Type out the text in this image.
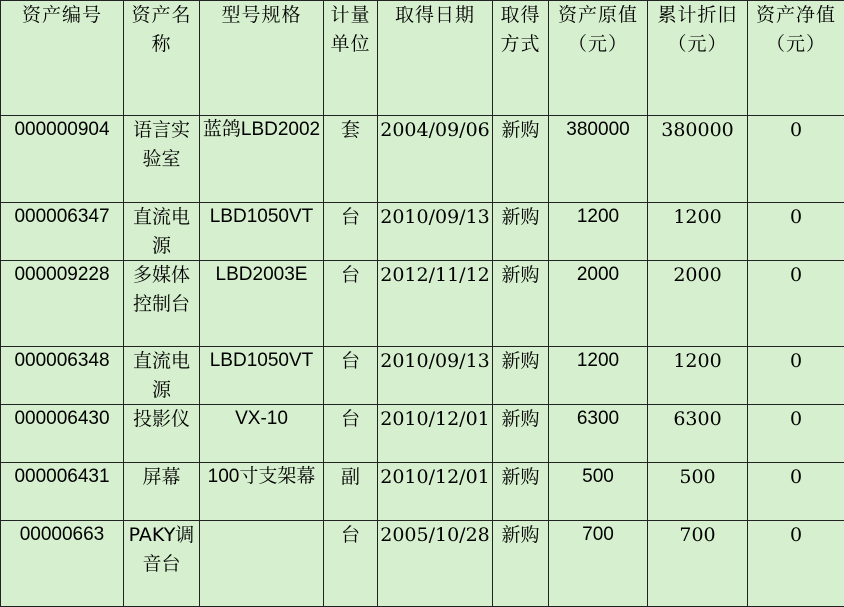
资产编号	资产名称	型号规格	计量单位	取得日期	取得方式	资产原值（元）	累计折旧（元）	资产净值（元）
000000904	语言实验室	蓝鸽LBD2002	套	2004/09/06	新购	380000	380000	0
000006347	直流电源	LBD1050VT	台	2010/09/13	新购	1200	1200	0
000009228	多媒体控制台	LBD2003E	台	2012/11/12	新购	2000	2000	0
000006348	直流电源	LBD1050VT	台	2010/09/13	新购	1200	1200	0
000006430	投影仪	VX-10	台	2010/12/01	新购	6300	6300	0
000006431	屏幕	100寸支架幕	副	2010/12/01	新购	500	500	0
00000663	PAKY调音台		台	2005/10/28	新购	700	700	0
